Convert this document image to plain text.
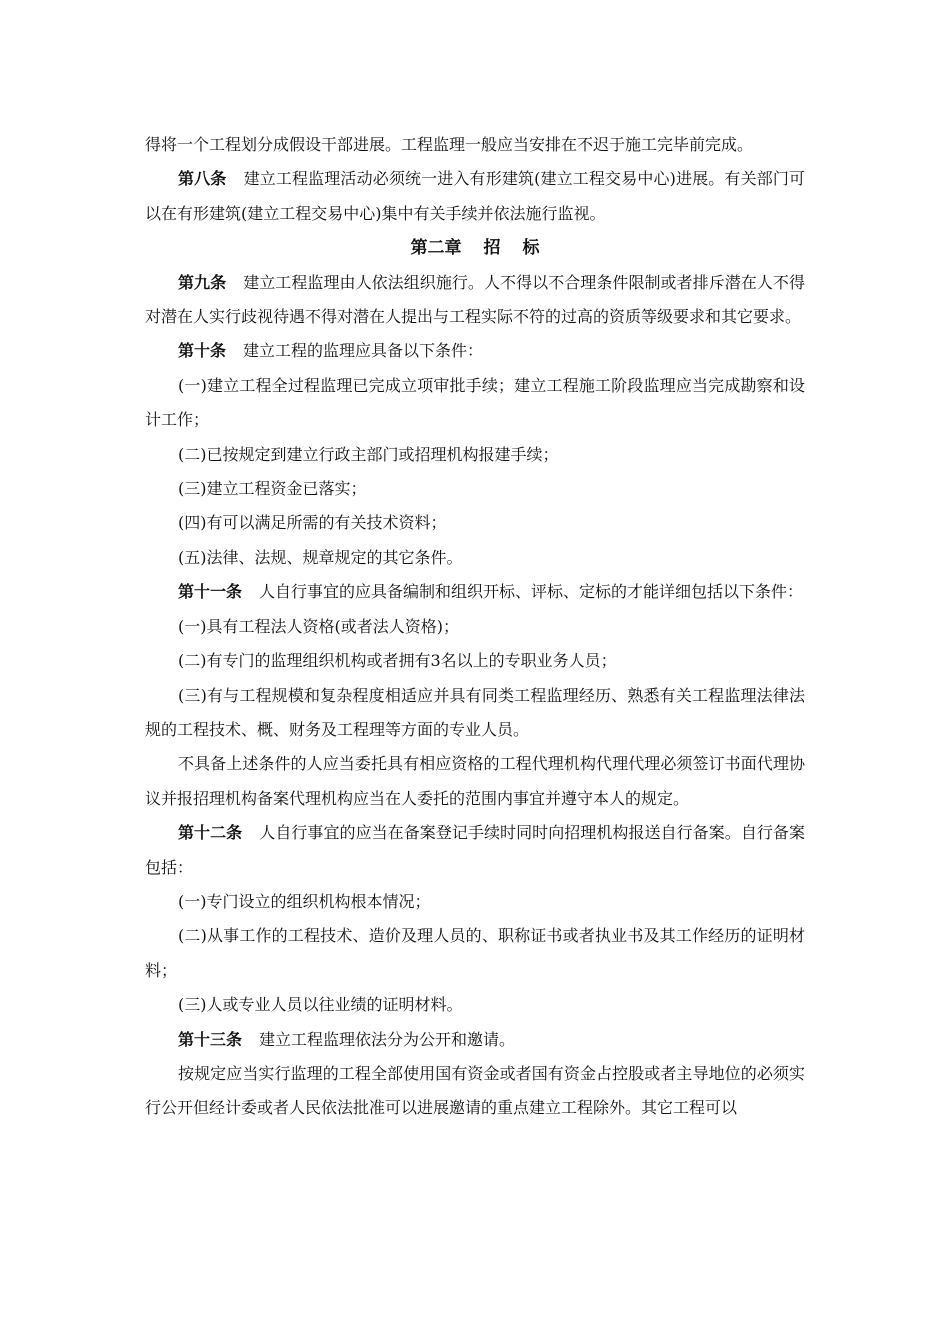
得将一个工程划分成假设干部进展。工程监理一般应当安排在不迟于施工完毕前完成。

第八条 建立工程监理活动必须统一进入有形建筑(建立工程交易中心)进展。有关部门可以在有形建筑(建立工程交易中心)集中有关手续并依法施行监视。

第二章 招 标

第九条 建立工程监理由人依法组织施行。人不得以不合理条件限制或者排斥潜在人不得对潜在人实行歧视待遇不得对潜在人提出与工程实际不符的过高的资质等级要求和其它要求。

第十条 建立工程的监理应具备以下条件：

(一)建立工程全过程监理已完成立项审批手续；建立工程施工阶段监理应当完成勘察和设计工作；

(二)已按规定到建立行政主部门或招理机构报建手续；

(三)建立工程资金已落实；

(四)有可以满足所需的有关技术资料；

(五)法律、法规、规章规定的其它条件。

第十一条 人自行事宜的应具备编制和组织开标、评标、定标的才能详细包括以下条件：

(一)具有工程法人资格(或者法人资格)；

(二)有专门的监理组织机构或者拥有3名以上的专职业务人员；

(三)有与工程规模和复杂程度相适应并具有同类工程监理经历、熟悉有关工程监理法律法规的工程技术、概、财务及工程理等方面的专业人员。

不具备上述条件的人应当委托具有相应资格的工程代理机构代理代理必须签订书面代理协议并报招理机构备案代理机构应当在人委托的范围内事宜并遵守本人的规定。

第十二条 人自行事宜的应当在备案登记手续时同时向招理机构报送自行备案。自行备案包括：

(一)专门设立的组织机构根本情况；

(二)从事工作的工程技术、造价及理人员的、职称证书或者执业书及其工作经历的证明材料；

(三)人或专业人员以往业绩的证明材料。

第十三条 建立工程监理依法分为公开和邀请。

按规定应当实行监理的工程全部使用国有资金或者国有资金占控股或者主导地位的必须实行公开但经计委或者人民依法批准可以进展邀请的重点建立工程除外。其它工程可以
